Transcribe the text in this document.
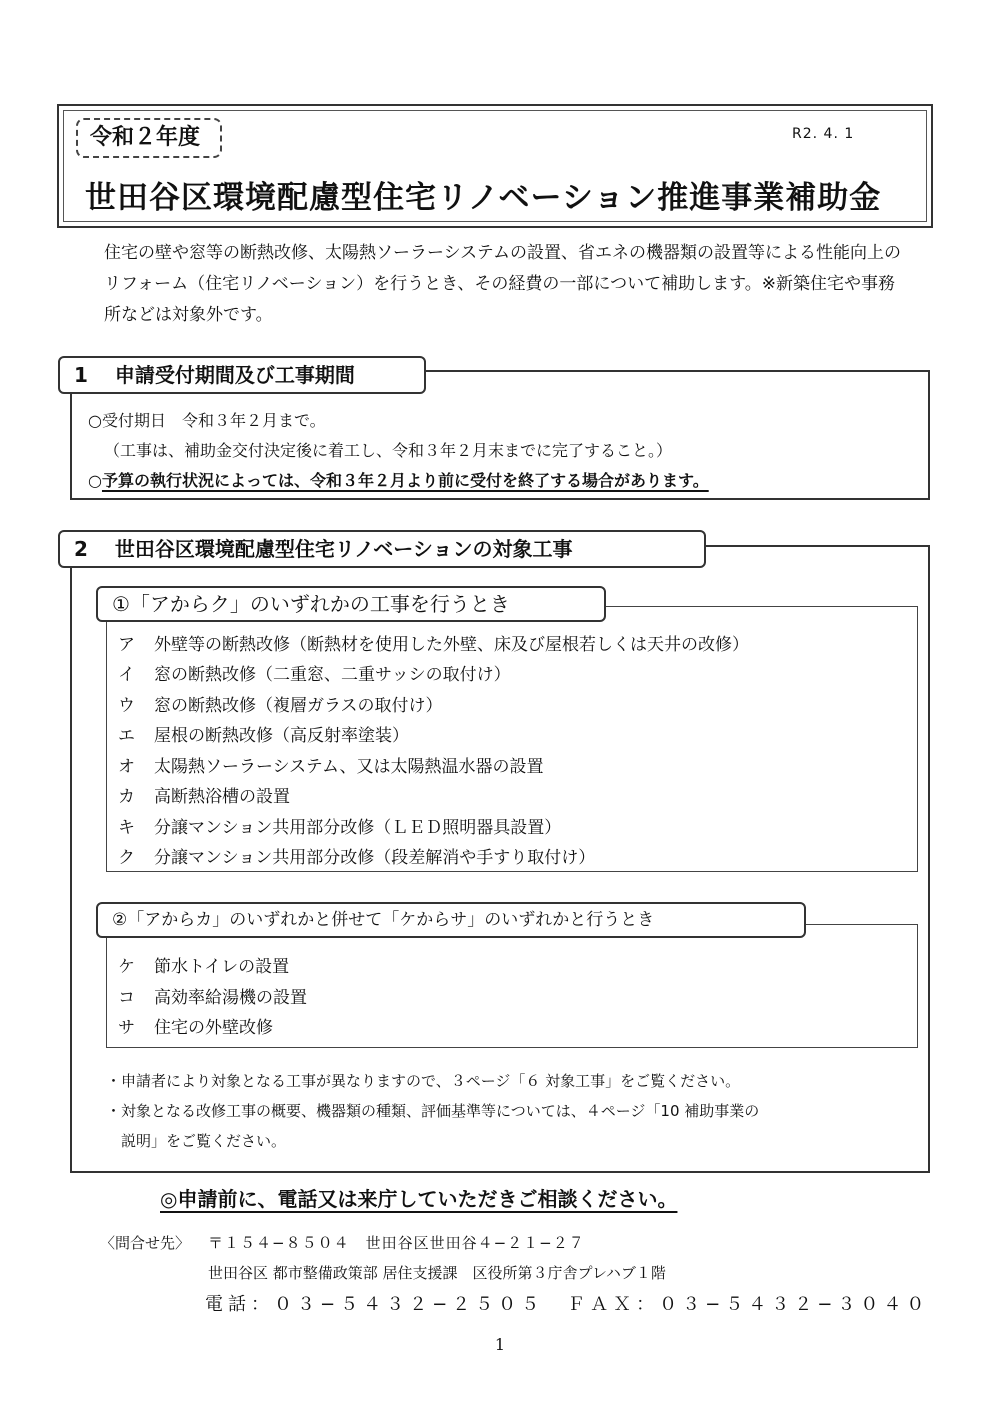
令和２年度	R2. 4. 1
世田谷区環境配慮型住宅リノベーション推進事業補助金
住宅の壁や窓等の断熱改修、太陽熱ソーラーシステムの設置、省エネの機器類の設置等による性能向上のリフォーム（住宅リノベーション）を行うとき、その経費の一部について補助します。※新築住宅や事務所などは対象外です。
1　 申請受付期間及び工事期間
○受付期日　令和３年２月まで。
（工事は、補助金交付決定後に着工し、令和３年２月末までに完了すること。）
○予算の執行状況によっては、令和３年２月より前に受付を終了する場合があります。
2　 世田谷区環境配慮型住宅リノベーションの対象工事
①「アからク」のいずれかの工事を行うとき
ア 外壁等の断熱改修（断熱材を使用した外壁、床及び屋根若しくは天井の改修）
イ 窓の断熱改修（二重窓、二重サッシの取付け）
ウ 窓の断熱改修（複層ガラスの取付け）
エ 屋根の断熱改修（高反射率塗装）
オ 太陽熱ソーラーシステム、又は太陽熱温水器の設置
カ 高断熱浴槽の設置
キ 分譲マンション共用部分改修（ＬＥＤ照明器具設置）
ク 分譲マンション共用部分改修（段差解消や手すり取付け）
②「アからカ」のいずれかと併せて「ケからサ」のいずれかと行うとき
ケ 節水トイレの設置
コ 高効率給湯機の設置
サ 住宅の外壁改修
・申請者により対象となる工事が異なりますので、３ページ「６ 対象工事」をご覧ください。
・対象となる改修工事の概要、機器類の種類、評価基準等については、４ページ「10 補助事業の
　説明」をご覧ください。
◎申請前に、電話又は来庁していただきご相談ください。
〈問合せ先〉 〒１５４−８５０４　世田谷区世田谷４−２１−２７
世田谷区 都市整備政策部 居住支援課　区役所第３庁舎プレハブ１階
電話：０３−５４３２−２５０５　ＦＡＸ：０３−５４３２−３０４０
1
